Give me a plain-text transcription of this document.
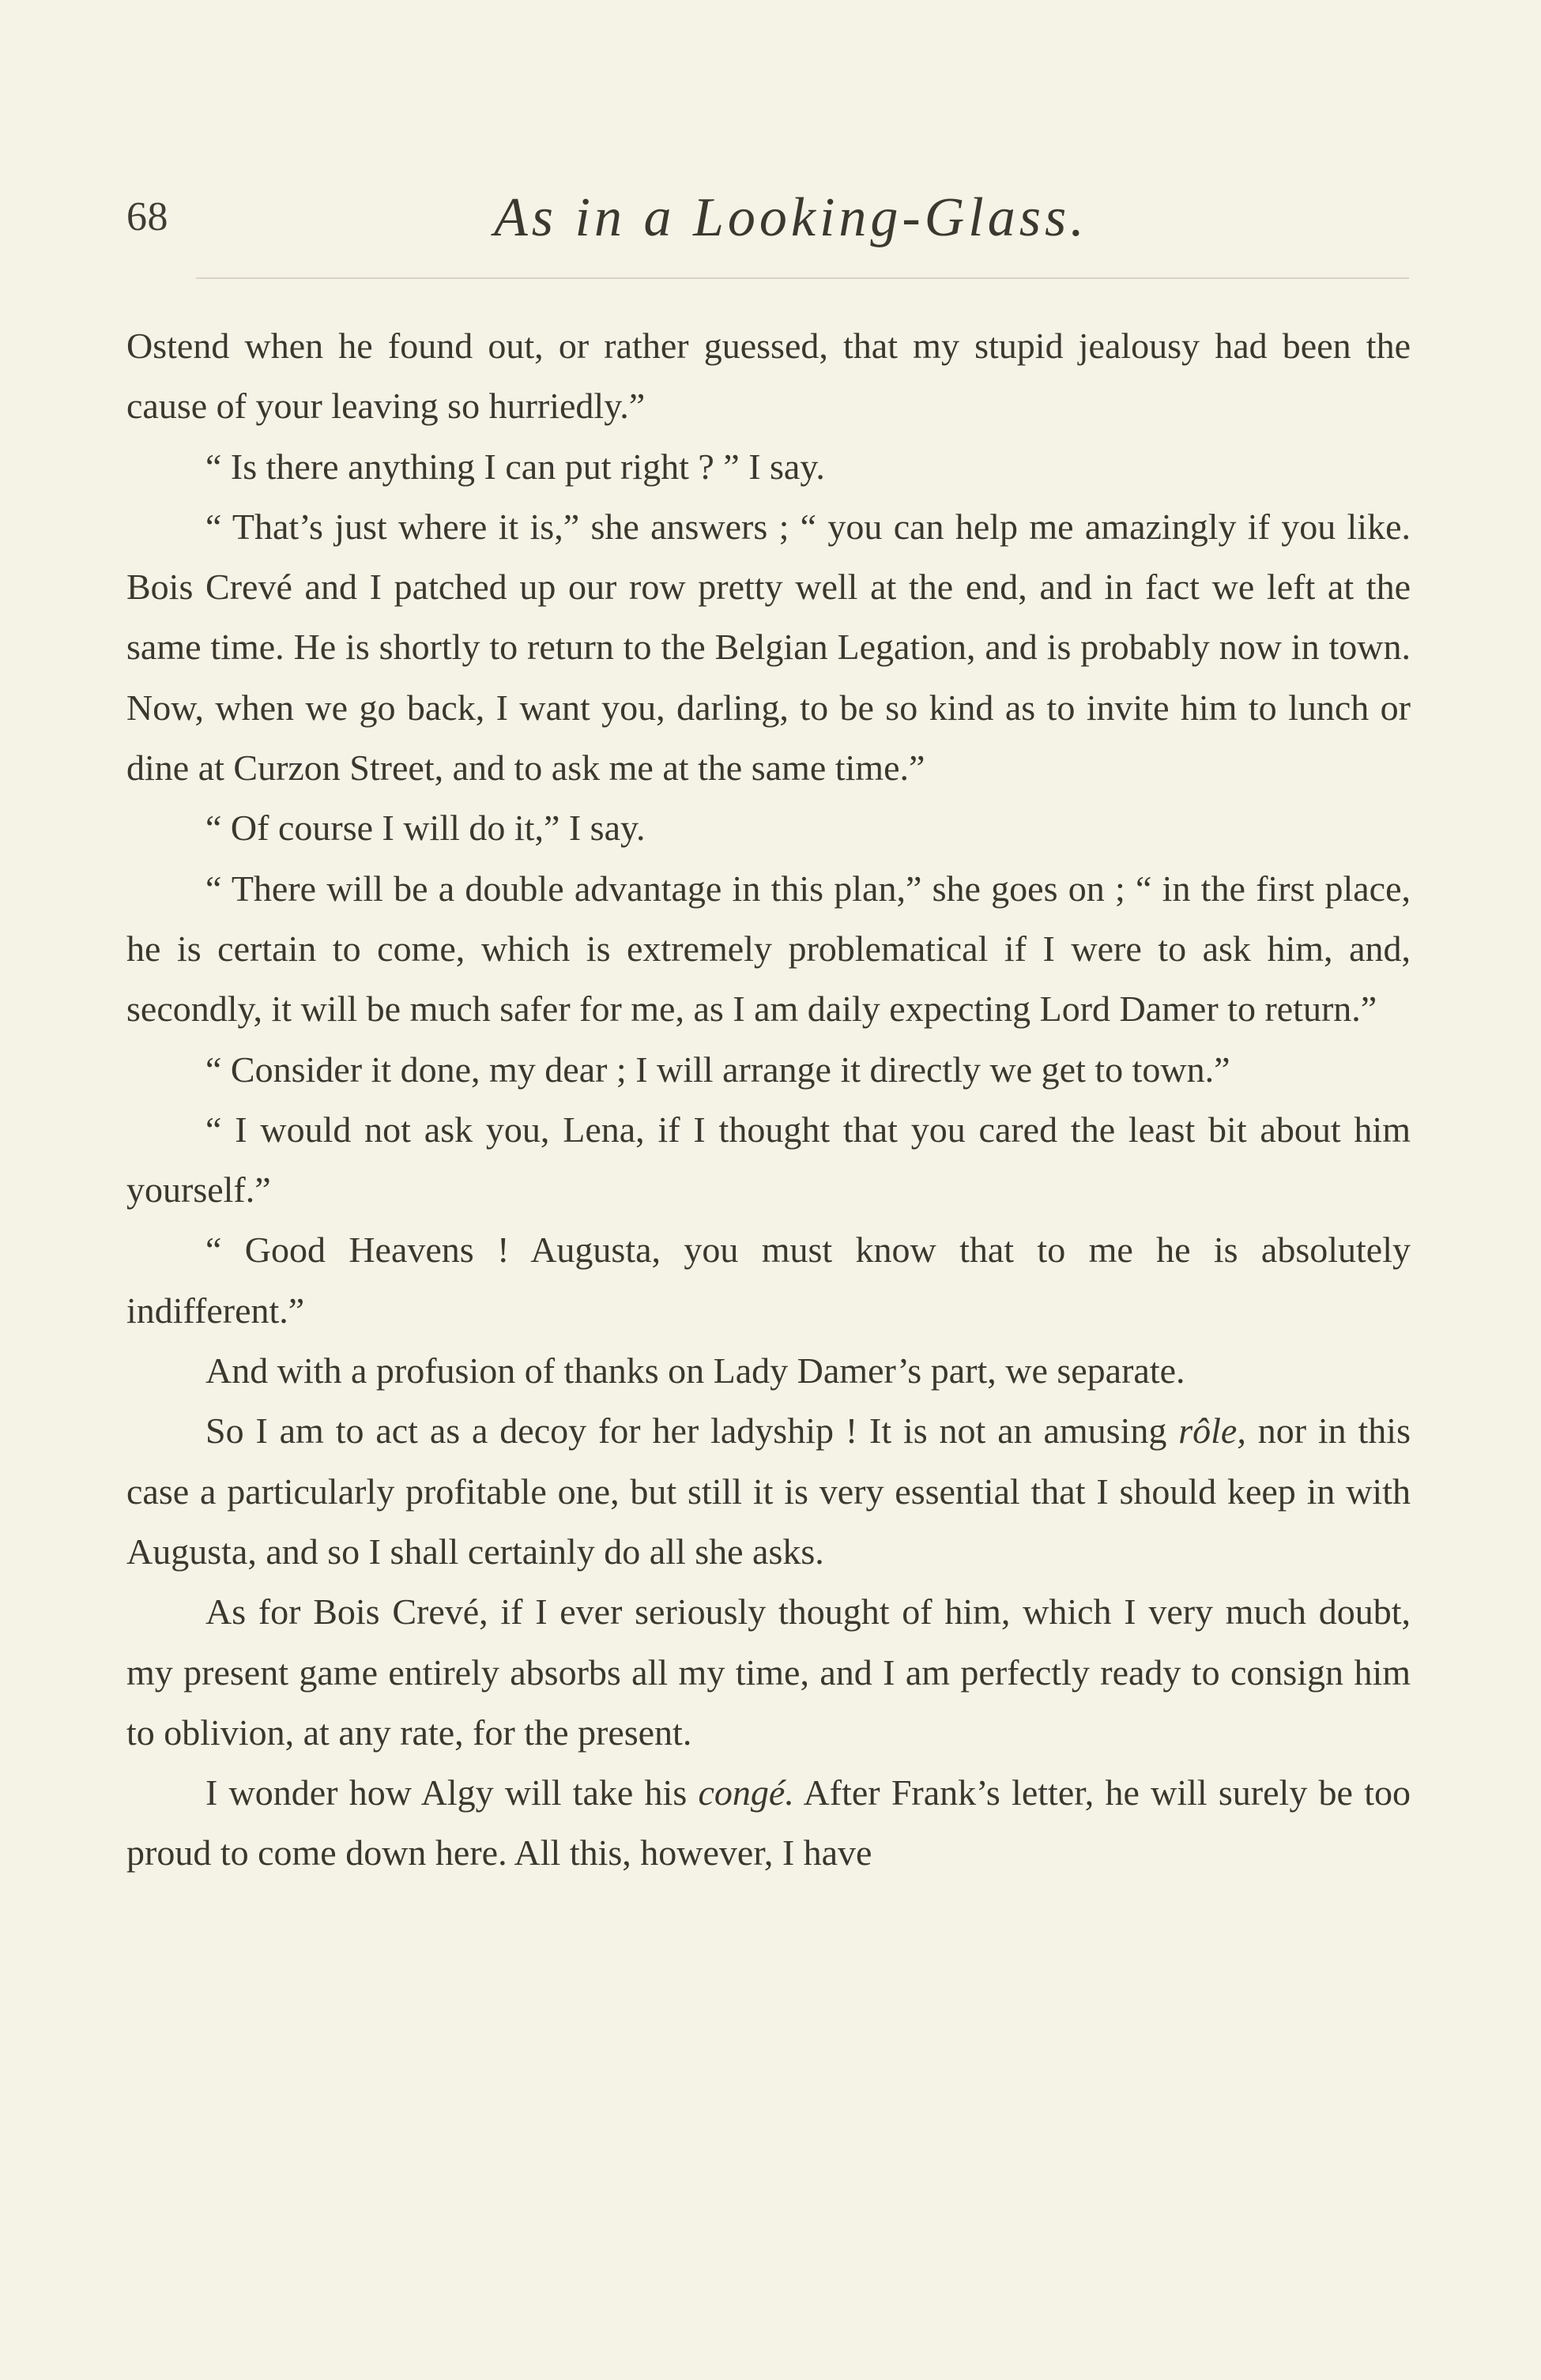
68	As in a Looking-Glass.

Ostend when he found out, or rather guessed, that my stupid jealousy had been the cause of your leaving so hurriedly.”

“ Is there anything I can put right ? ” I say.

“ That’s just where it is,” she answers ; “ you can help me amazingly if you like. Bois Crevé and I patched up our row pretty well at the end, and in fact we left at the same time. He is shortly to return to the Belgian Legation, and is probably now in town. Now, when we go back, I want you, darling, to be so kind as to invite him to lunch or dine at Curzon Street, and to ask me at the same time.”

“ Of course I will do it,” I say.

“ There will be a double advantage in this plan,” she goes on ; “ in the first place, he is certain to come, which is extremely problematical if I were to ask him, and, secondly, it will be much safer for me, as I am daily expecting Lord Damer to return.”

“ Consider it done, my dear ; I will arrange it directly we get to town.”

“ I would not ask you, Lena, if I thought that you cared the least bit about him yourself.”

“ Good Heavens ! Augusta, you must know that to me he is absolutely indifferent.”

And with a profusion of thanks on Lady Damer’s part, we separate.

So I am to act as a decoy for her ladyship ! It is not an amusing rôle, nor in this case a particularly profitable one, but still it is very essential that I should keep in with Augusta, and so I shall certainly do all she asks.

As for Bois Crevé, if I ever seriously thought of him, which I very much doubt, my present game entirely absorbs all my time, and I am perfectly ready to consign him to oblivion, at any rate, for the present.

I wonder how Algy will take his congé. After Frank’s letter, he will surely be too proud to come down here. All this, however, I have
